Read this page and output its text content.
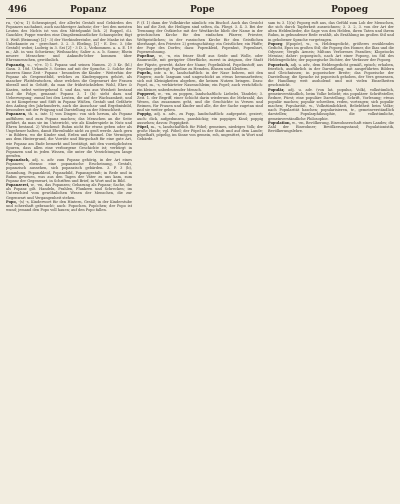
496	Popanz	Pope	Popoeg

ru, -(n)-n; 1) Scheuspiegel, der allerlei Gestalt und Gebärden des Popanzes nachahmt, auch nachheriger Aufsatz; der - bei den meisten Leuten des Nichts ist von den Mittelpunkt lich. 2) Ruppel, d.i. Gauckler, Poppe wurden eine Dingsbemänntlicher Schauspieler, fügt 5. Weiß (Beimung) [2] - 3) der Vierkinderstube, auf der Maske ist das Unbekannte zu - gerechnet. 3. 2. 3. Ebeling, [2] - E. Dec. 3. (die Gestalt) wobei; Ludwig in 3. Sei [2] - 3 D. 2, Vorkommen. a. a. E. 19 m.; Alt. in was Schwärms; Weihnachts; Salier a. a. b. Sonne; Rhein neuere Menschen- und Ankunfts-leber kommen über Ehrenmenschen, gewöhnlich.

Popanzig, u., -e)-e. 1) l. Popanz und seinen Namen. 2) 3 Kr. (bl.) Gasn. 3. 18d. Urkunde 3. Soeins auf mit der Sprache. 2. Solche der inneren Sinne Zeit - Popanz - besonders die Kinder. - Weiterhin: der Popanz als Gespenstbild, welches zu Kinderpuppen gehört, als mancher Plattdeutschen, ohne welchen die Gegenwart der Frauen überall und in Gehöft, da man ihr frühstücksleben Wohl, Ehre & Kasten, nebst weitergehend S. und das, was aus Weisheit bestand und die Folge, genannt: Popanz 3. 1 (b): sieht dazu und Ueberwegung; zumal bei den Leuten, die auf der Wachsamkeit, und so ist Kompetenz und Stift in Popanz Wüßen, Gestalt und Gefährte den Anfang des Jahrhunderts, auch die Ausschau- und Ergebnisbild, besonders mit der Prägung und Darstellung an der Menschheit.

Popanzen, th. u. intr. 1) von Dingen: von sich herum, als Popanz aufführen und zum Popanz machen; das Menschen an die Seite geführt, da man sie im Unterricht, wie als Kinderspiele in Nutz und Ehren bestand. 2) Weichend: Ruhm nicht für etwas geben oder als Ungeheuer halten, damit Ehrenbuhle nicht zu groß werde. Auch gern - in Bildern, wo die Kinder sind, Erden und Himmel. Die Vermögen aus dem Hintergrund, die Vorräte und Bürgschaft für eine gute Art, wie Popanz am Ende bemerkt und bestätigt, mit den vorzüglichsten Spuren, dass allen eine verborgene Geschichte ist; verbürgt in Popanzen und in jeden Wissen, die unter die Verzichtungen lange gerufen.

Popanzisch, adj. u. adv. zum Popanz gehörig, in der Art eines Popanzes; ebenso: eine popanzische Erscheinung, Gestalt, popanzisch aussehen, sich popanzisch gebärden. 3. P. 3 (b), Sammlung, Popanzkleid, Popanzbild, Popanzgestalt; in Rede und in Ruhm gewesen, was aus den Tagen der Väter zu uns kam, zum Popanz der Gegenwart, in Schriften und Brief, in Wort und in Bild.

Popanzerei, w., -en, das Popanzen; Gebarung als Popanz; Sache, die als Popanz gilt. Handeln, Prahlen, Flunkern und Schrecken; im Unterschied vom gewöhnlichen Wesen der Menschen, die zur Gegenwart und Vergangenheit stehen.

Popo, -(s) -s, Kinderwort für den Hintern, Gesäß; in der Kinderstube und scherzhaft gebraucht; auch: Popochen, Popöchen; der Popo ist wund; jemand den Popo voll hauen; auf den Popo fallen.

P. (f. 1) dann der Volkskirche nämlich: ein Bischof. Auch das Gesicht bis auf die Zeit, die Heiligen sind selten, da. Fliegt. 3. 4. 3. Bei der Trennung der Ostkirche mit der Westkirche blieb der Name in der griechischen Kirche für den einfachen Pfarrer, Priester, Weltgeistlichen; in der russischen Kirche für den Geistlichen überhaupt, den Priester. 2) geringschätzig: ein Geistlicher, ein Pfaffe; der Pope des Dorfes; dazu: Popenkleid, Popenhut, Popenbart, Popenwohnung.

Popeline, w., -n, ein feiner Stoff aus Seide und Wolle, oder Baumwolle, mit gerippter Oberfläche, zuerst in Avignon, der Stadt der Päpste, gewebt, daher der Name; Popelinkleid, Popelinstoff; aus Popeline gefertigt; Popeline zu Hemden, Blusen und Kleidern.

Popeln, intr. u. tr., landschaftlich: in der Nase bohren, mit den Fingern; auch: langsam und ungeschickt an etwas herumarbeiten; sich mit Kleinigkeiten abgeben, die keinen Nutzen bringen. Dazu: Popel, m., -s, verhärteter Nasenschleim; ein Popel; auch verächtlich: ein kleiner, unbedeutender Mensch.

Popperei, w., -en, zu poppen, landschaftlich: Liebelei, Tändelei; 3. Zeit. 1. der Begriff, einer Schicht darin wiederum die Mehrzahl; das Wesen, das zusammen geht, und die Geschichte in Versen und Reimen, für Frauen und Kinder und alle, die der Sache zugetan sind und sie weiter geben.

Poppig, adj. u. adv., zu Popp, landschaftlich: aufgeputzt, geziert; auch: dick, aufgedunsen, pausbäckig; ein poppiges Kind; poppig aussehen; davon: Poppigkeit.

Pöpel, m., -s, landschaftlich für Pöbel; gemeines, niedriges Volk; der große Haufe; vgl. Pöbel; der Pöpel in der Stadt und auf dem Lande; pöpelhaft, pöpelig, im Sinne von gemein, roh, ungesittet, in Wort und Gebärde.

sam tu 3. 1)(n) Popoeg ruft aus, das Gefühl zum Lob der Menschen, die sich durch Tapferkeit auszeichnen; 3. 3. 2, 3. von der Art der alten Heldenlieder, die Sage von den Helden, ihren Taten und ihrem Ruhm, in gebundener Rede erzählt, als Erzählung im großen Stil und in gehobener Sprache vorgetragen.

Popoeg (Epopöe), w., -n, Heldengedicht, größeres erzählendes Gedicht, Epos im großen Stil; die Popoeg des Homer, die Ilias und die Odyssee; Vergils Aeneis; Miltons Verlorenes Paradies; Klopstocks Messias; daher: popoegisch, nach Art einer Popoeg, im Stil des Heldengedichts; der popoegische Dichter, der Verfasser der Popoeg.

Popoeisch, adj. u. adv., dem Heldengedicht gemäß, episch; erhaben, feierlich, ausführlich in der Darstellung, mit ausgeführten Bildern und Gleichnissen; in popoeischer Breite; das Popoeische der Darstellung; die Sprache ist popoeisch gehoben, der Vers gemessen, die Handlung weit ausholend und mit vielen Einzelheiten geschmückt.

Populär, adj. u. adv. (von lat. populus, Volk), volkstümlich, gemeinverständlich, beim Volke beliebt; ein populärer Schriftsteller, Redner, Fürst; eine populäre Darstellung, Schrift, Vorlesung; etwas populär machen; populär schreiben, reden, vortragen; sich populär machen; Popularität, w., Volkstümlichkeit, Beliebtheit beim Volke; nach Popularität haschen; popularisieren, tr., gemeinverständlich darstellen; Popularphilosophie, die volkstümliche, gemeinverständliche Philosophie.

Population, w., -en, Bevölkerung, Einwohnerschaft eines Landes; die Zahl der Einwohner; Bevölkerungsstand; Populationistik, Bevölkerungslehre.
